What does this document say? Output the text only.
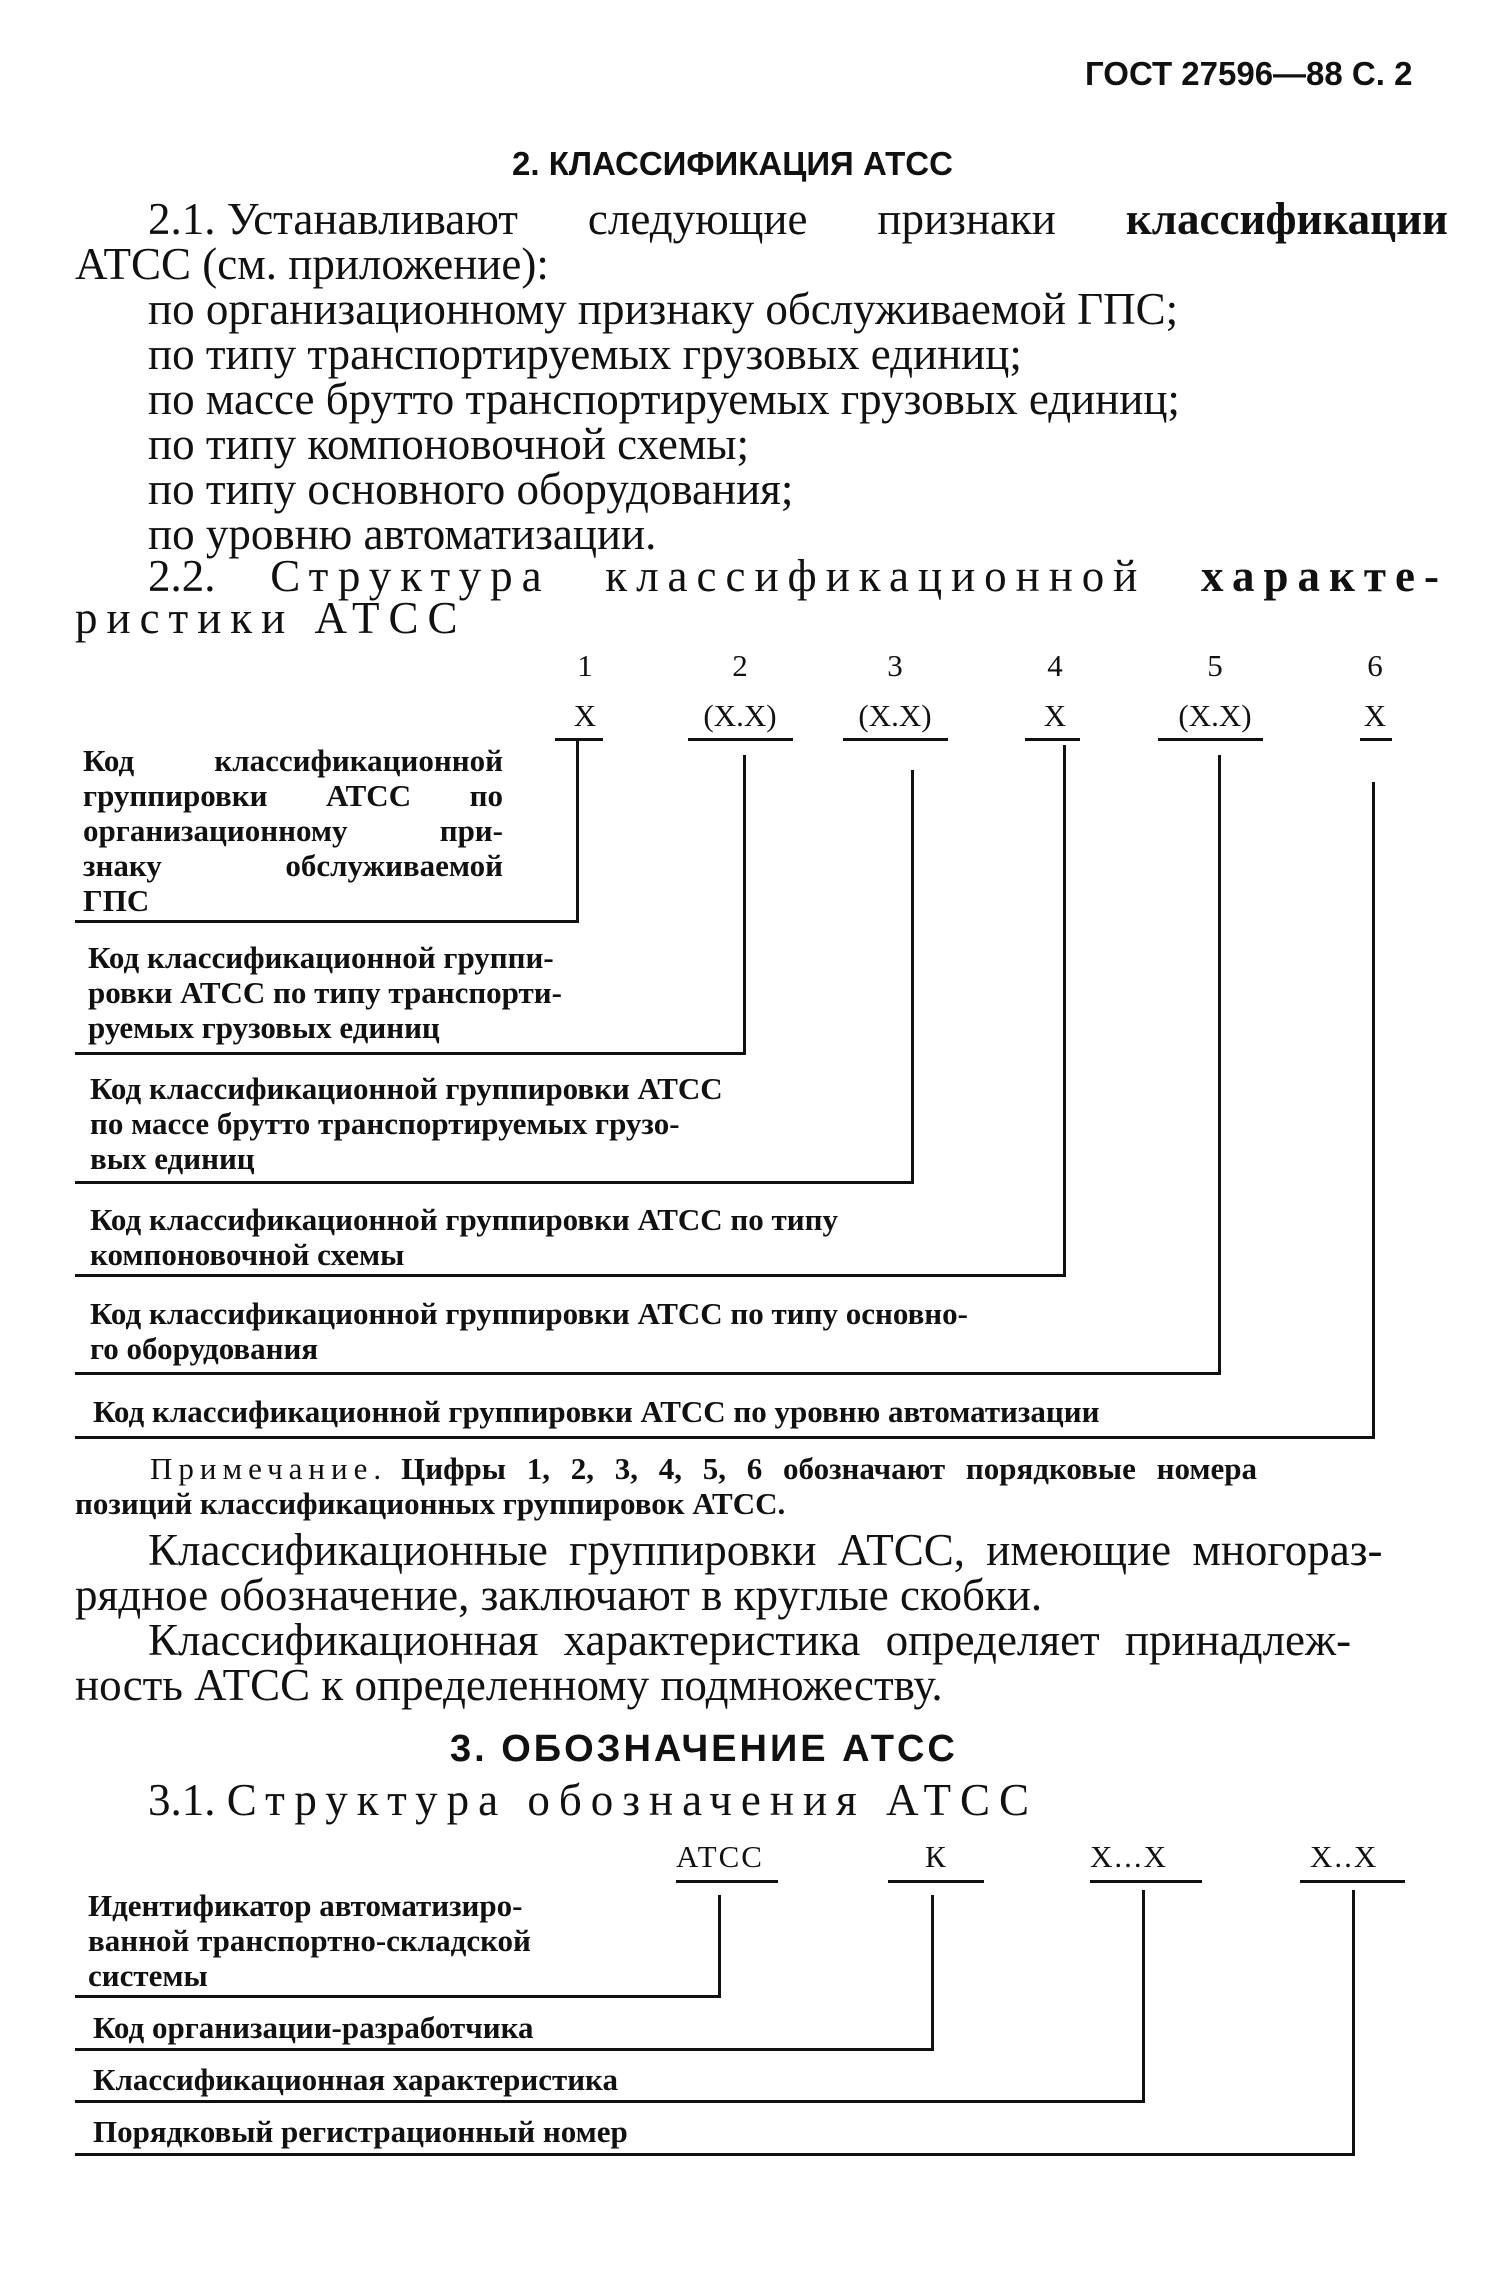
ГОСТ 27596—88 С. 2
2. КЛАССИФИКАЦИЯ АТСС
2.1. Устанавливают следующие признаки классификации
АТСС (см. приложение):
по организационному признаку обслуживаемой ГПС;
по типу транспортируемых грузовых единиц;
по массе брутто транспортируемых грузовых единиц;
по типу компоновочной схемы;
по типу основного оборудования;
по уровню автоматизации.
2.2. Структура классификационной характе-
ристики АТСС
1	2	3	4	5	6
Х	(Х.Х)	(Х.Х)	Х	(Х.Х)	Х
Код	классификационной
группировки АТСС по
организационному	при-
знаку	обслуживаемой
ГПС
Код классификационной группи-
ровки АТСС по типу транспорти-
руемых грузовых единиц
Код классификационной группировки АТСС
по массе брутто транспортируемых грузо-
вых единиц
Код классификационной группировки АТСС по типу
компоновочной схемы
Код классификационной группировки АТСС по типу основно-
го оборудования
Код классификационной группировки АТСС по уровню автоматизации
Примечание. Цифры 1, 2, 3, 4, 5, 6 обозначают порядковые номера
позиций классификационных группировок АТСС.
Классификационные группировки АТСС, имеющие многораз-
рядное обозначение, заключают в круглые скобки.
Классификационная характеристика определяет принадлеж-
ность АТСС к определенному подмножеству.
3. ОБОЗНАЧЕНИЕ АТСС
3.1. Структура обозначения АТСС
АТСС	К	Х...Х	Х..Х
Идентификатор автоматизиро-
ванной транспортно-складской
системы
Код организации-разработчика
Классификационная характеристика
Порядковый регистрационный номер
